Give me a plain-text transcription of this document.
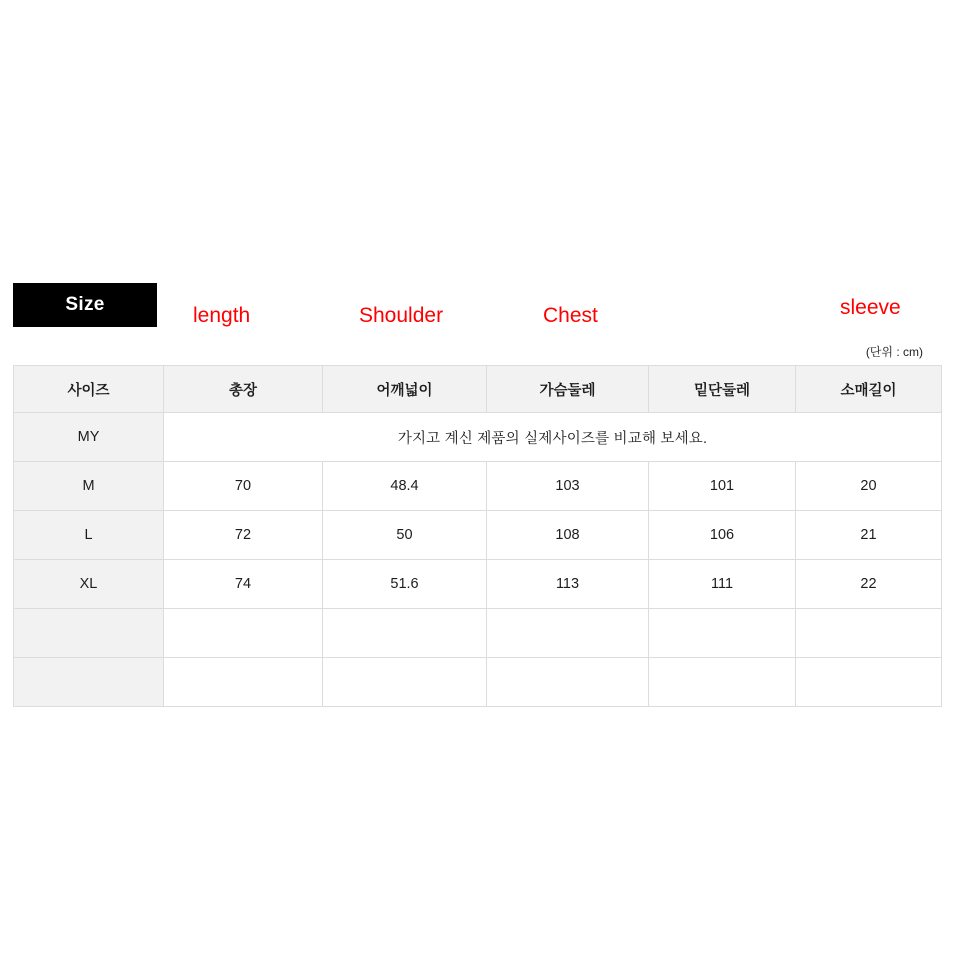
Size	length	Shoulder	Chest	sleeve
(단위 : cm)
사이즈	총장	어깨넓이	가슴둘레	밑단둘레	소매길이
MY	가지고 계신 제품의 실제사이즈를 비교해 보세요.				
M	70	48.4	103	101	20
L	72	50	108	106	21
XL	74	51.6	113	111	22
